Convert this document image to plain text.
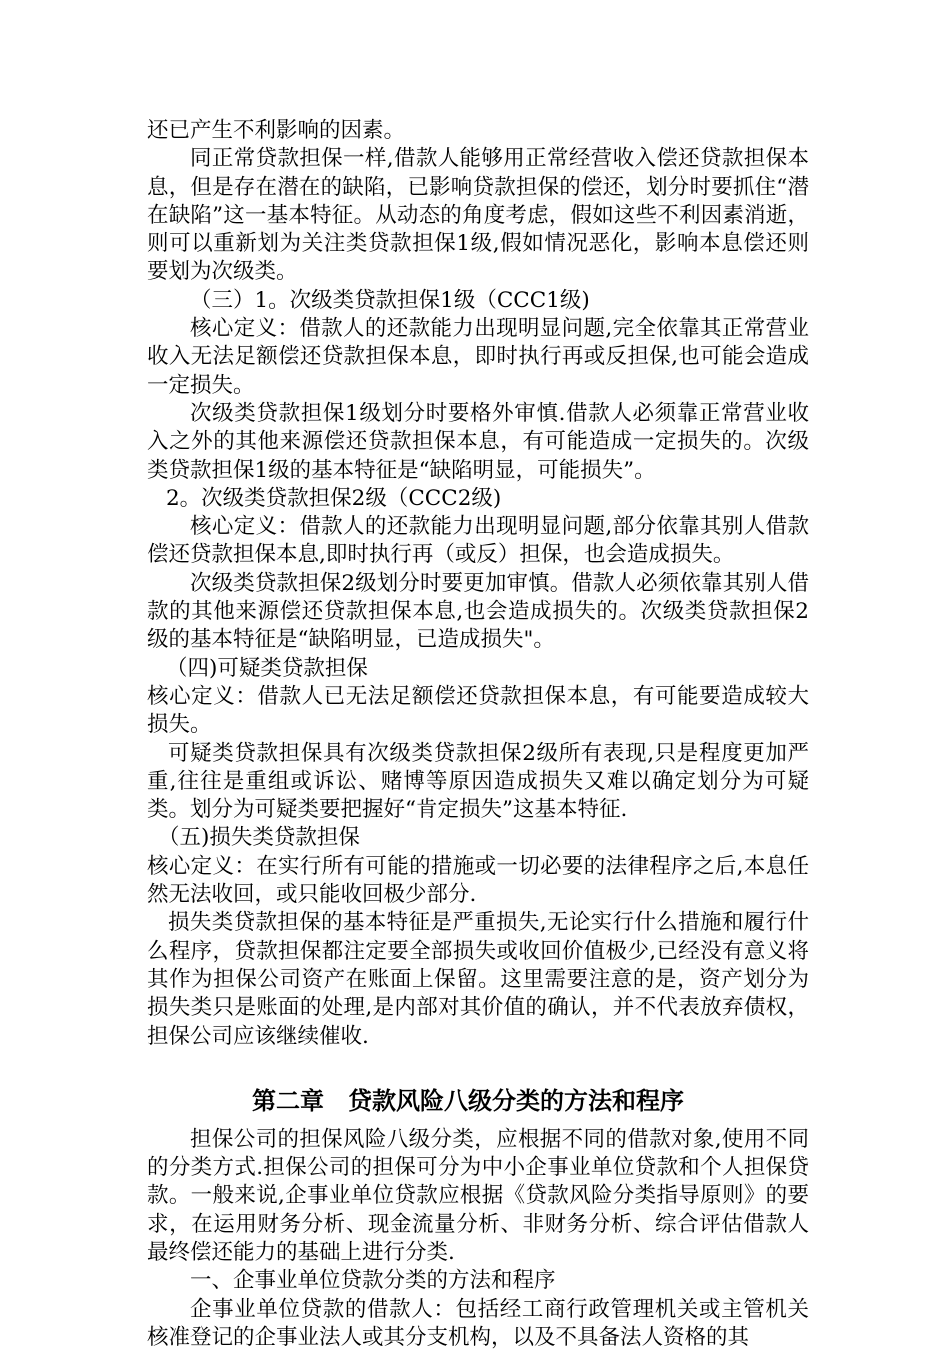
还已产生不利影响的因素。

同正常贷款担保一样,借款人能够用正常经营收入偿还贷款担保本息，但是存在潜在的缺陷，已影响贷款担保的偿还，划分时要抓住“潜在缺陷”这一基本特征。从动态的角度考虑，假如这些不利因素消逝，则可以重新划为关注类贷款担保1级,假如情况恶化，影响本息偿还则要划为次级类。

（三）1。次级类贷款担保1级（CCC1级)

核心定义：借款人的还款能力出现明显问题,完全依靠其正常营业收入无法足额偿还贷款担保本息，即时执行再或反担保,也可能会造成一定损失。

次级类贷款担保1级划分时要格外审慎.借款人必须靠正常营业收入之外的其他来源偿还贷款担保本息，有可能造成一定损失的。次级类贷款担保1级的基本特征是“缺陷明显，可能损失”。

2。次级类贷款担保2级（CCC2级)

核心定义：借款人的还款能力出现明显问题,部分依靠其别人借款偿还贷款担保本息,即时执行再（或反）担保，也会造成损失。

次级类贷款担保2级划分时要更加审慎。借款人必须依靠其别人借款的其他来源偿还贷款担保本息,也会造成损失的。次级类贷款担保2级的基本特征是“缺陷明显，已造成损失"。

（四)可疑类贷款担保

核心定义：借款人已无法足额偿还贷款担保本息，有可能要造成较大损失。

可疑类贷款担保具有次级类贷款担保2级所有表现,只是程度更加严重,往往是重组或诉讼、赌博等原因造成损失又难以确定划分为可疑类。划分为可疑类要把握好“肯定损失”这基本特征.

（五)损失类贷款担保

核心定义：在实行所有可能的措施或一切必要的法律程序之后,本息任然无法收回，或只能收回极少部分.

损失类贷款担保的基本特征是严重损失,无论实行什么措施和履行什么程序，贷款担保都注定要全部损失或收回价值极少,已经没有意义将其作为担保公司资产在账面上保留。这里需要注意的是，资产划分为损失类只是账面的处理,是内部对其价值的确认，并不代表放弃债权，担保公司应该继续催收.

第二章　贷款风险八级分类的方法和程序

担保公司的担保风险八级分类，应根据不同的借款对象,使用不同的分类方式.担保公司的担保可分为中小企事业单位贷款和个人担保贷款。一般来说,企事业单位贷款应根据《贷款风险分类指导原则》的要求，在运用财务分析、现金流量分析、非财务分析、综合评估借款人最终偿还能力的基础上进行分类.

一、企事业单位贷款分类的方法和程序

企事业单位贷款的借款人：包括经工商行政管理机关或主管机关核准登记的企事业法人或其分支机构，以及不具备法人资格的其
